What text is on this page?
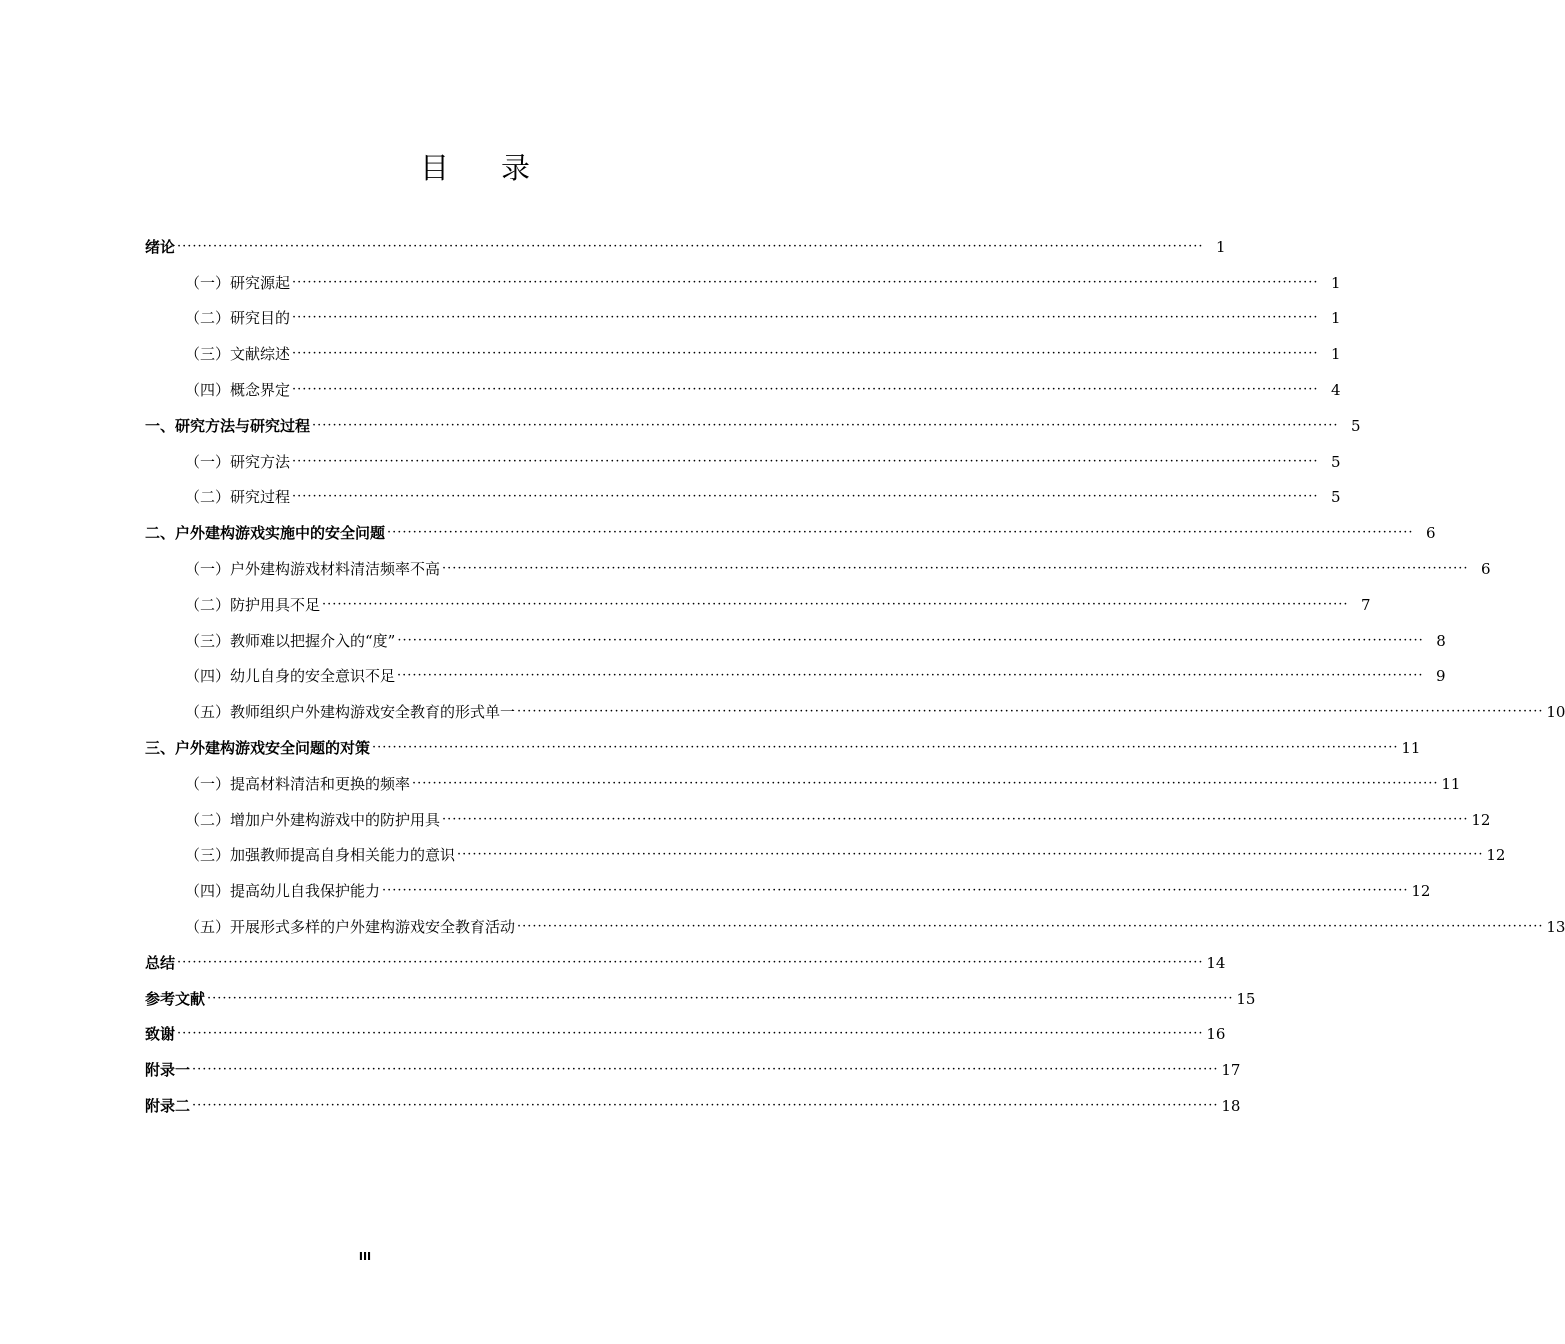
目录
绪论 ········································································································································································································ 1
（一）研究源起 ········································································································································································································ 1
（二）研究目的 ········································································································································································································ 1
（三）文献综述 ········································································································································································································ 1
（四）概念界定 ········································································································································································································ 4
一、研究方法与研究过程 ········································································································································································································ 5
（一）研究方法 ········································································································································································································ 5
（二）研究过程 ········································································································································································································ 5
二、户外建构游戏实施中的安全问题 ········································································································································································································ 6
（一）户外建构游戏材料清洁频率不高 ········································································································································································································ 6
（二）防护用具不足 ········································································································································································································ 7
（三）教师难以把握介入的“度” ········································································································································································································ 8
（四）幼儿自身的安全意识不足 ········································································································································································································ 9
（五）教师组织户外建构游戏安全教育的形式单一 ········································································································································································································ 10
三、户外建构游戏安全问题的对策 ········································································································································································································ 11
（一）提高材料清洁和更换的频率 ········································································································································································································ 11
（二）增加户外建构游戏中的防护用具 ········································································································································································································ 12
（三）加强教师提高自身相关能力的意识 ········································································································································································································ 12
（四）提高幼儿自我保护能力 ········································································································································································································ 12
（五）开展形式多样的户外建构游戏安全教育活动 ········································································································································································································ 13
总结 ········································································································································································································ 14
参考文献 ········································································································································································································ 15
致谢 ········································································································································································································ 16
附录一 ········································································································································································································ 17
附录二 ········································································································································································································ 18
III
